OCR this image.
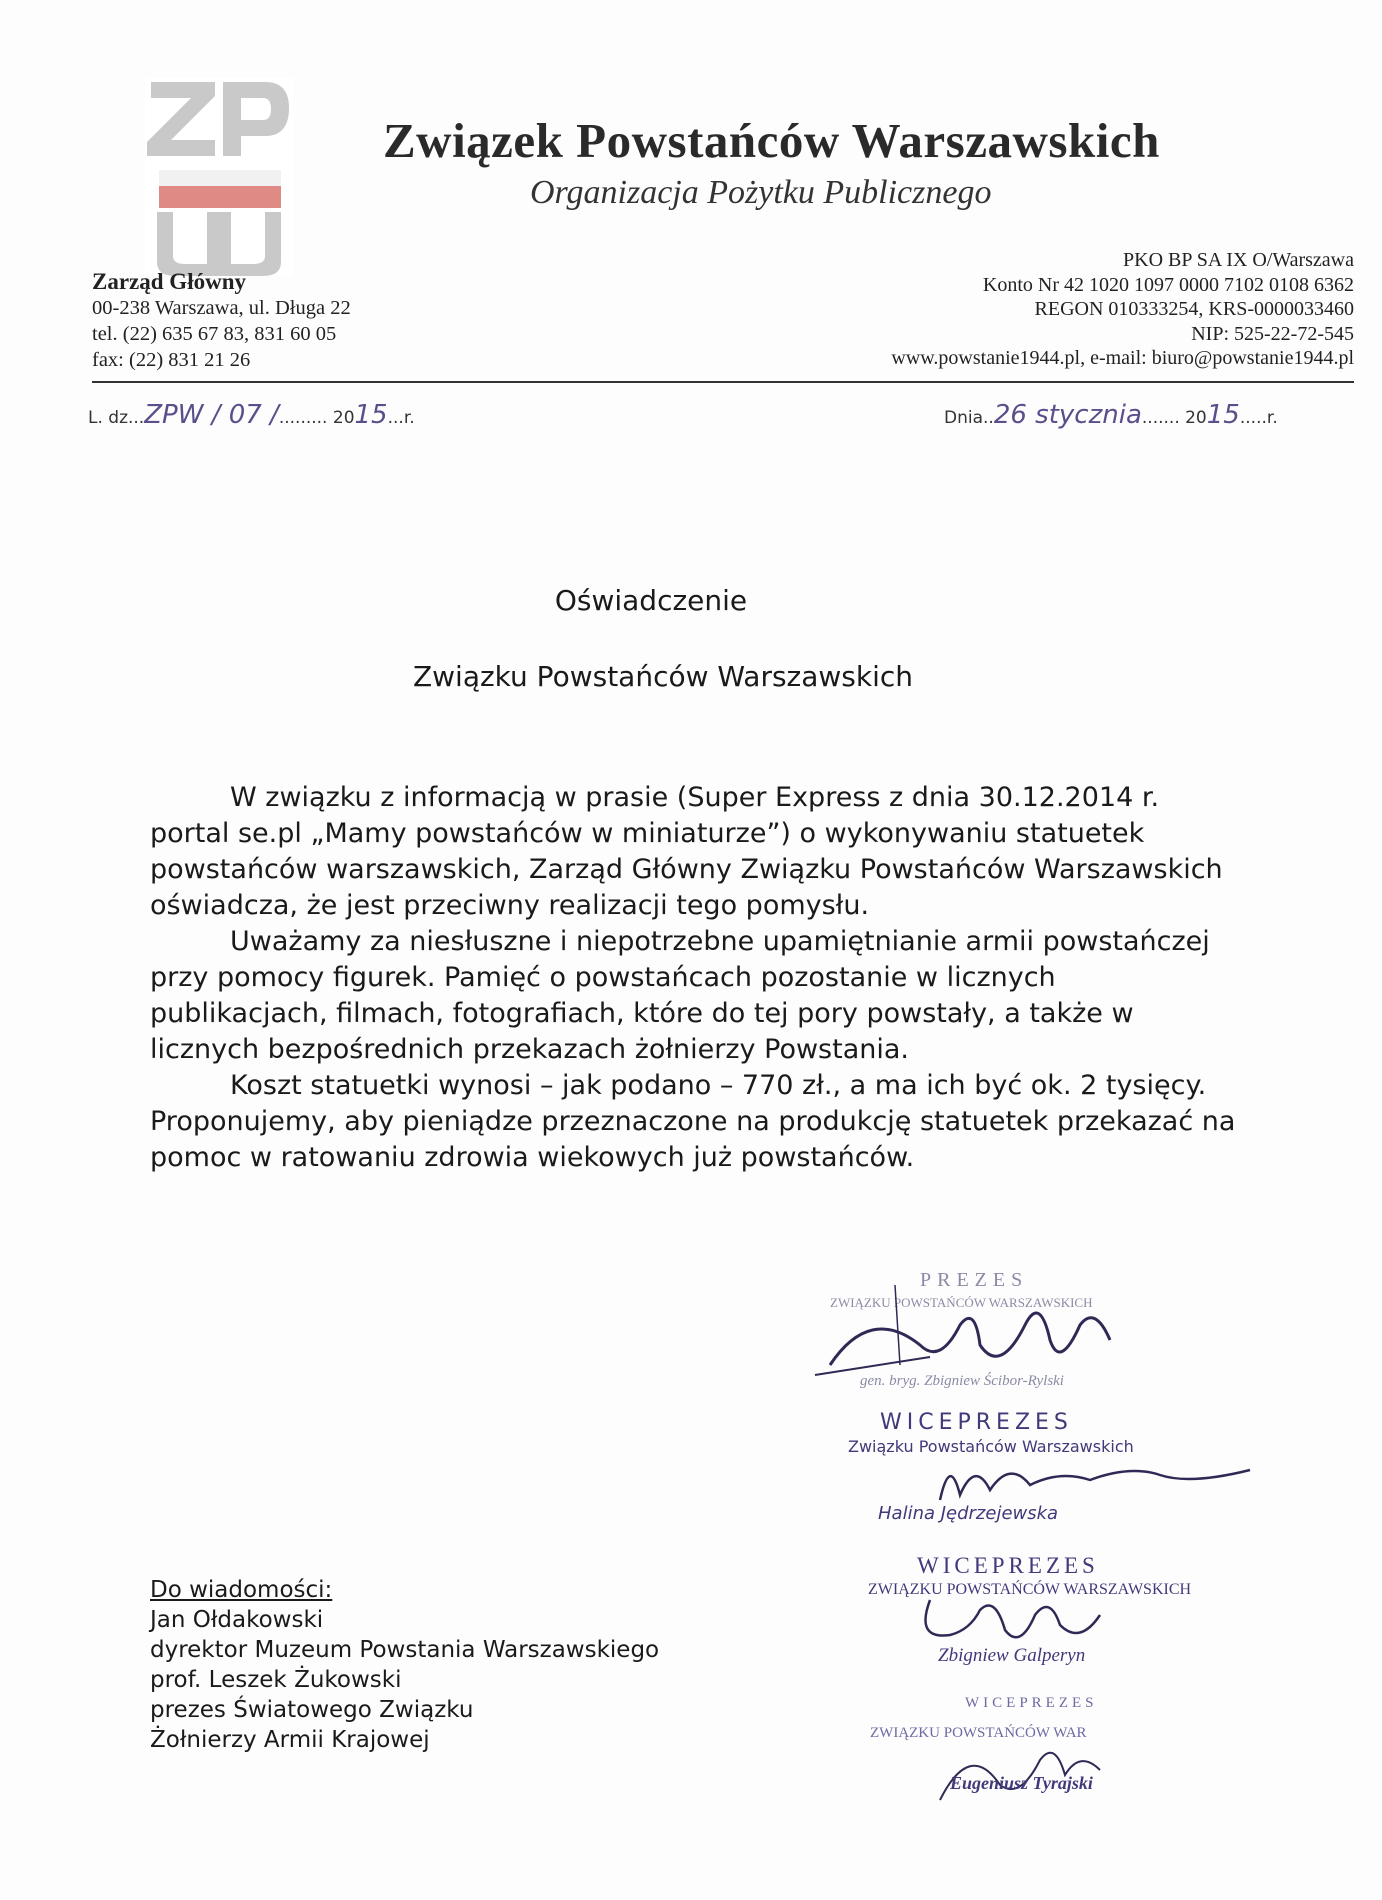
Związek Powstańców Warszawskich
Organizacja Pożytku Publicznego
Zarząd Główny
00-238 Warszawa, ul. Długa 22
tel. (22) 635 67 83, 831 60 05
fax: (22) 831 21 26
PKO BP SA IX O/Warszawa
Konto Nr 42 1020 1097 0000 7102 0108 6362
REGON 010333254, KRS-0000033460
NIP: 525-22-72-545
www.powstanie1944.pl, e-mail: biuro@powstanie1944.pl
L. dz...ZPW / 07 /......... 2015...r.	Dnia..26 stycznia....... 2015.....r.
Oświadczenie
Związku Powstańców Warszawskich

W związku z informacją w prasie (Super Express z dnia 30.12.2014 r. portal se.pl „Mamy powstańców w miniaturze”) o wykonywaniu statuetek powstańców warszawskich, Zarząd Główny Związku Powstańców Warszawskich oświadcza, że jest przeciwny realizacji tego pomysłu.

Uważamy za niesłuszne i niepotrzebne upamiętnianie armii powstańczej przy pomocy figurek. Pamięć o powstańcach pozostanie w licznych publikacjach, filmach, fotografiach, które do tej pory powstały, a także w licznych bezpośrednich przekazach żołnierzy Powstania.

Koszt statuetki wynosi – jak podano – 770 zł., a ma ich być ok. 2 tysięcy. Proponujemy, aby pieniądze przeznaczone na produkcję statuetek przekazać na pomoc w ratowaniu zdrowia wiekowych już powstańców.

Do wiadomości:
Jan Ołdakowski
dyrektor Muzeum Powstania Warszawskiego
prof. Leszek Żukowski
prezes Światowego Związku
Żołnierzy Armii Krajowej
PREZES
ZWIĄZKU POWSTAŃCÓW WARSZAWSKICH
gen. bryg. Zbigniew Ścibor-Rylski
WICEPREZES
Związku Powstańców Warszawskich
Halina Jędrzejewska
WICEPREZES
ZWIĄZKU POWSTAŃCÓW WARSZAWSKICH
Zbigniew Galperyn
WICEPREZES
ZWIĄZKU POWSTAŃCÓW WAR
Eugeniusz Tyrajski
